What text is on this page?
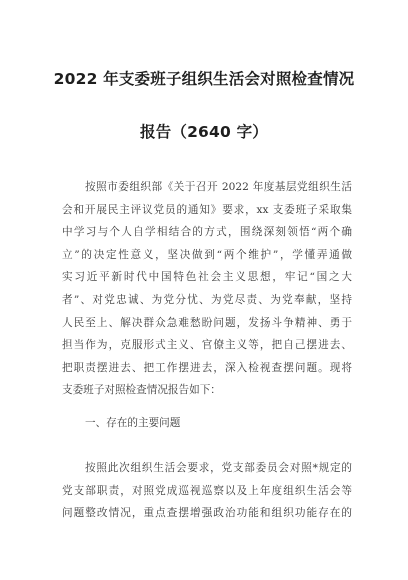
2022 年支委班子组织生活会对照检查情况
报告（2640 字）
按照市委组织部《关于召开 2022 年度基层党组织生活
会和开展民主评议党员的通知》要求，xx 支委班子采取集
中学习与个人自学相结合的方式，围绕深刻领悟“两个确
立”的决定性意义，坚决做到“两个维护”，学懂弄通做
实习近平新时代中国特色社会主义思想，牢记“国之大
者”、对党忠诚、为党分忧、为党尽责、为党奉献，坚持
人民至上、解决群众急难愁盼问题，发扬斗争精神、勇于
担当作为，克服形式主义、官僚主义等，把自己摆进去、
把职责摆进去、把工作摆进去，深入检视查摆问题。现将
支委班子对照检查情况报告如下：
一、存在的主要问题
按照此次组织生活会要求，党支部委员会对照*规定的
党支部职责，对照党成巡视巡察以及上年度组织生活会等
问题整改情况，重点查摆增强政治功能和组织功能存在的
